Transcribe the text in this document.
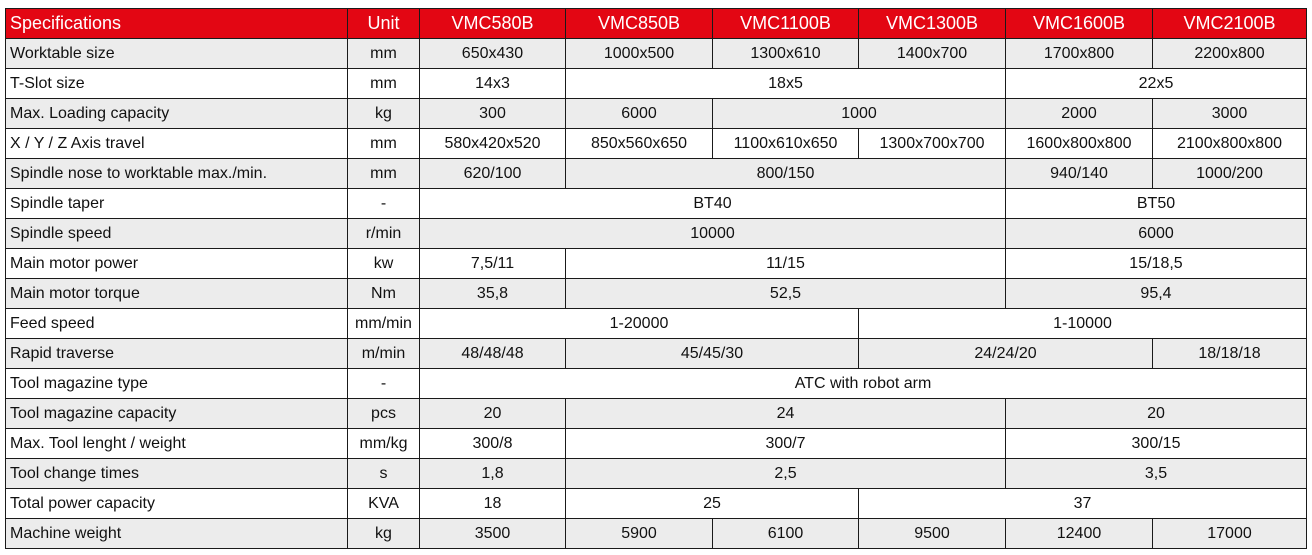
Specifications	Unit	VMC580B	VMC850B	VMC1100B	VMC1300B	VMC1600B	VMC2100B
Worktable size	mm	650x430	1000x500	1300x610	1400x700	1700x800	2200x800
T-Slot size	mm	14x3	18x5			22x5	
Max. Loading capacity	kg	300	6000	1000		2000	3000
X / Y / Z Axis travel	mm	580x420x520	850x560x650	1100x610x650	1300x700x700	1600x800x800	2100x800x800
Spindle nose to worktable max./min.	mm	620/100	800/150			940/140	1000/200
Spindle taper	-	BT40				BT50	
Spindle speed	r/min	10000				6000	
Main motor power	kw	7,5/11	11/15			15/18,5	
Main motor torque	Nm	35,8	52,5			95,4	
Feed speed	mm/min	1-20000			1-10000		
Rapid traverse	m/min	48/48/48	45/45/30		24/24/20		18/18/18
Tool magazine type	-	ATC with robot arm					
Tool magazine capacity	pcs	20	24			20	
Max. Tool lenght / weight	mm/kg	300/8	300/7			300/15	
Tool change times	s	1,8	2,5			3,5	
Total power capacity	KVA	18	25		37		
Machine weight	kg	3500	5900	6100	9500	12400	17000
